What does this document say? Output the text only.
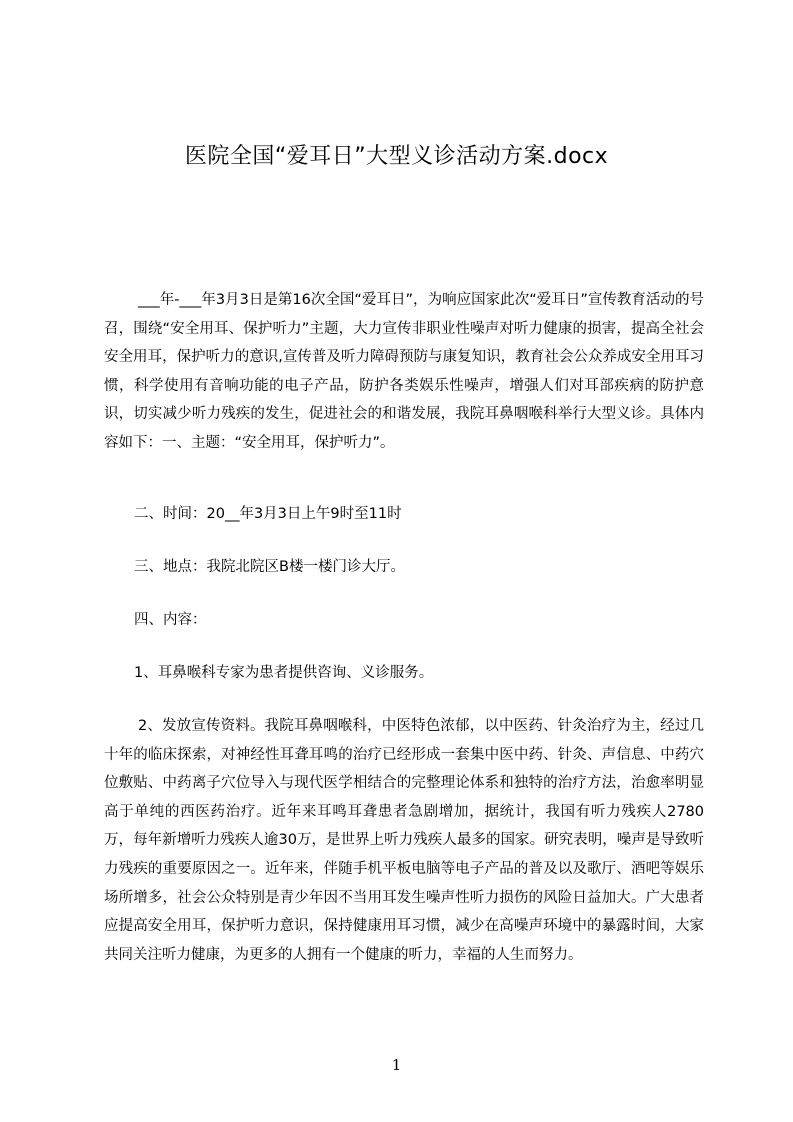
医院全国“爱耳日”大型义诊活动方案.docx

___年-___年3月3日是第16次全国“爱耳日”，为响应国家此次“爱耳日”宣传教育活动的号召，围绕“安全用耳、保护听力”主题，大力宣传非职业性噪声对听力健康的损害，提高全社会安全用耳，保护听力的意识,宣传普及听力障碍预防与康复知识，教育社会公众养成安全用耳习惯，科学使用有音响功能的电子产品，防护各类娱乐性噪声，增强人们对耳部疾病的防护意识，切实减少听力残疾的发生，促进社会的和谐发展，我院耳鼻咽喉科举行大型义诊。具体内容如下：一、主题：“安全用耳，保护听力”。

二、时间：20__年3月3日上午9时至11时

三、地点：我院北院区B楼一楼门诊大厅。

四、内容：

1、耳鼻喉科专家为患者提供咨询、义诊服务。

2、发放宣传资料。我院耳鼻咽喉科，中医特色浓郁，以中医药、针灸治疗为主，经过几十年的临床探索，对神经性耳聋耳鸣的治疗已经形成一套集中医中药、针灸、声信息、中药穴位敷贴、中药离子穴位导入与现代医学相结合的完整理论体系和独特的治疗方法，治愈率明显高于单纯的西医药治疗。近年来耳鸣耳聋患者急剧增加，据统计，我国有听力残疾人2780万，每年新增听力残疾人逾30万，是世界上听力残疾人最多的国家。研究表明，噪声是导致听力残疾的重要原因之一。近年来，伴随手机平板电脑等电子产品的普及以及歌厅、酒吧等娱乐场所增多，社会公众特别是青少年因不当用耳发生噪声性听力损伤的风险日益加大。广大患者应提高安全用耳，保护听力意识，保持健康用耳习惯，减少在高噪声环境中的暴露时间，大家共同关注听力健康，为更多的人拥有一个健康的听力，幸福的人生而努力。

1
